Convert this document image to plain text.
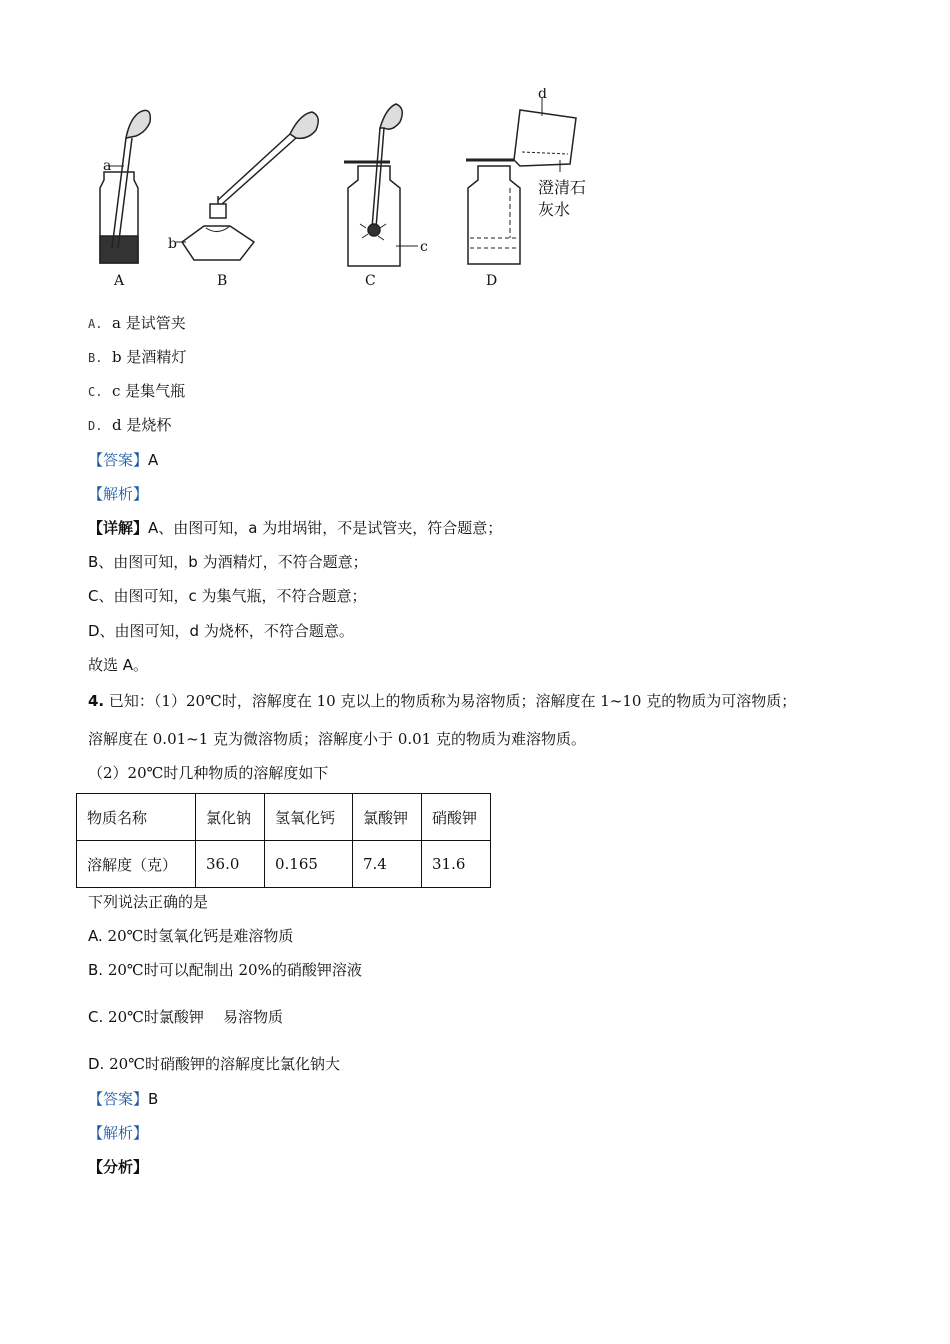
a
b	c
d
A	B	C	D
澄清石
灰水
A. a 是试管夹
B. b 是酒精灯
C. c 是集气瓶
D. d 是烧杯
【答案】A
【解析】
【详解】A、由图可知，a 为坩埚钳，不是试管夹，符合题意；
B、由图可知，b 为酒精灯，不符合题意；
C、由图可知，c 为集气瓶，不符合题意；
D、由图可知，d 为烧杯，不符合题意。
故选 A。
4. 已知：（1）20℃时，溶解度在 10 克以上的物质称为易溶物质；溶解度在 1~10 克的物质为可溶物质；
溶解度在 0.01~1 克为微溶物质；溶解度小于 0.01 克的物质为难溶物质。
（2）20℃时几种物质的溶解度如下
物质名称	氯化钠	氢氧化钙	氯酸钾	硝酸钾
溶解度（克）	36.0	0.165	7.4	31.6
下列说法正确的是
A. 20℃时氢氧化钙是难溶物质
B. 20℃时可以配制出 20%的硝酸钾溶液
C. 20℃时氯酸钾    易溶物质
D. 20℃时硝酸钾的溶解度比氯化钠大
【答案】B
【解析】
【分析】
